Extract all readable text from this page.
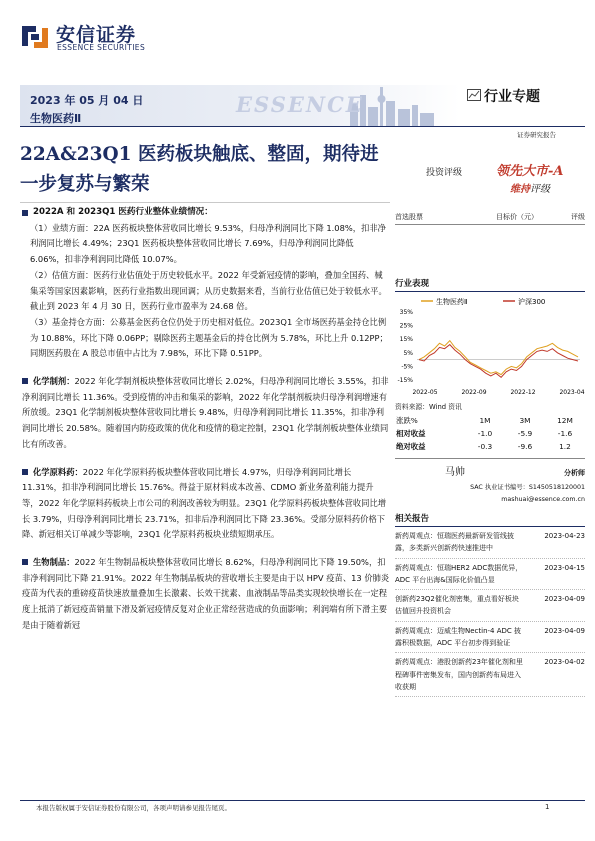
安信证券
ESSENCE SECURITIES
2023 年 05 月 04 日
生物医药Ⅱ
ESSENCE	行业专题
证券研究报告
22A&23Q1 医药板块触底、整固，期待进一步复苏与繁荣
投资评级	领先大市-A
维持评级
2022A 和 2023Q1 医药行业整体业绩情况：
（1）业绩方面：22A 医药板块整体营收同比增长 9.53%，归母净利润同比下降 1.08%，扣非净利润同比增长 4.49%；23Q1 医药板块整体营收同比增长 7.69%，归母净利润同比降低 6.06%，扣非净利润同比降低 10.07%。
（2）估值方面：医药行业估值处于历史较低水平。2022 年受新冠疫情的影响，叠加全国药、械集采等国家因素影响，医药行业指数出现回调；从历史数据来看，当前行业估值已处于较低水平。截止到 2023 年 4 月 30 日，医药行业市盈率为 24.68 倍。
（3）基金持仓方面：公募基金医药仓位仍处于历史相对低位。2023Q1 全市场医药基金持仓比例为 10.88%，环比下降 0.06PP；剔除医药主题基金后的持仓比例为 5.78%，环比上升 0.12PP；同期医药股在 A 股总市值中占比为 7.98%，环比下降 0.51PP。
化学制剂：2022 年化学制剂板块整体营收同比增长 2.02%，归母净利润同比增长 3.55%，扣非净利润同比增长 11.36%。受到疫情的冲击和集采的影响，2022 年化学制剂板块归母净利润增速有所放缓。23Q1 化学制剂板块整体营收同比增长 9.48%，归母净利润同比增长 11.35%，扣非净利润同比增长 20.58%。随着国内防疫政策的优化和疫情的稳定控制，23Q1 化学制剂板块整体业绩同比有所改善。
化学原料药：2022 年化学原料药板块整体营收同比增长 4.97%，归母净利润同比增长 11.31%，扣非净利润同比增长 15.76%。得益于原材料成本改善、CDMO 新业务盈利能力提升等，2022 年化学原料药板块上市公司的利润改善较为明显。23Q1 化学原料药板块整体营收同比增长 3.79%，归母净利润同比增长 23.71%，扣非后净利润同比下降 23.36%。受部分原料药价格下降、新冠相关订单减少等影响，23Q1 化学原料药板块业绩短期承压。
生物制品：2022 年生物制品板块整体营收同比增长 8.62%，归母净利润同比下降 19.50%，扣非净利润同比下降 21.91%。2022 年生物制品板块的营收增长主要是由于以 HPV 疫苗、13 价肺炎疫苗为代表的重磅疫苗快速放量叠加生长激素、长效干扰素、血液制品等品类实现较快增长在一定程度上抵消了新冠疫苗销量下滑及新冠疫情反复对企业正常经营造成的负面影响；利润端有所下滑主要是由于随着新冠
首选股票	目标价（元）	评级
行业表现
生物医药Ⅱ	沪深300
35%
25%
15%
5%
-5%
-15%
2022-05	2022-09	2022-12	2023-04
资料来源：Wind 资讯
涨跌%	1M	3M	12M
相对收益	-1.0	-5.9	-1.6
绝对收益	-0.3	-9.6	1.2
马帅	分析师
SAC 执业证书编号：S1450518120001
mashuai@essence.com.cn
相关报告
新药周观点：恒瑞医药最新研发管线披露，多类新兴创新药快速推进中
2023-04-23
新药周观点：恒瑞HER2 ADC数据优异，ADC 平台出海&国际化价值凸显
2023-04-15
创新药23Q2催化剂密集，重点看好板块估值回升投资机会
2023-04-09
新药周观点：迈威生物Nectin-4 ADC 披露积极数据，ADC 平台初步得到验证
2023-04-09
新药周观点：港股创新药23年催化剂和里程碑事件密集发布，国内创新药布局进入收获期
2023-04-02
本报告版权属于安信证券股份有限公司，各项声明请参见报告尾页。	1
